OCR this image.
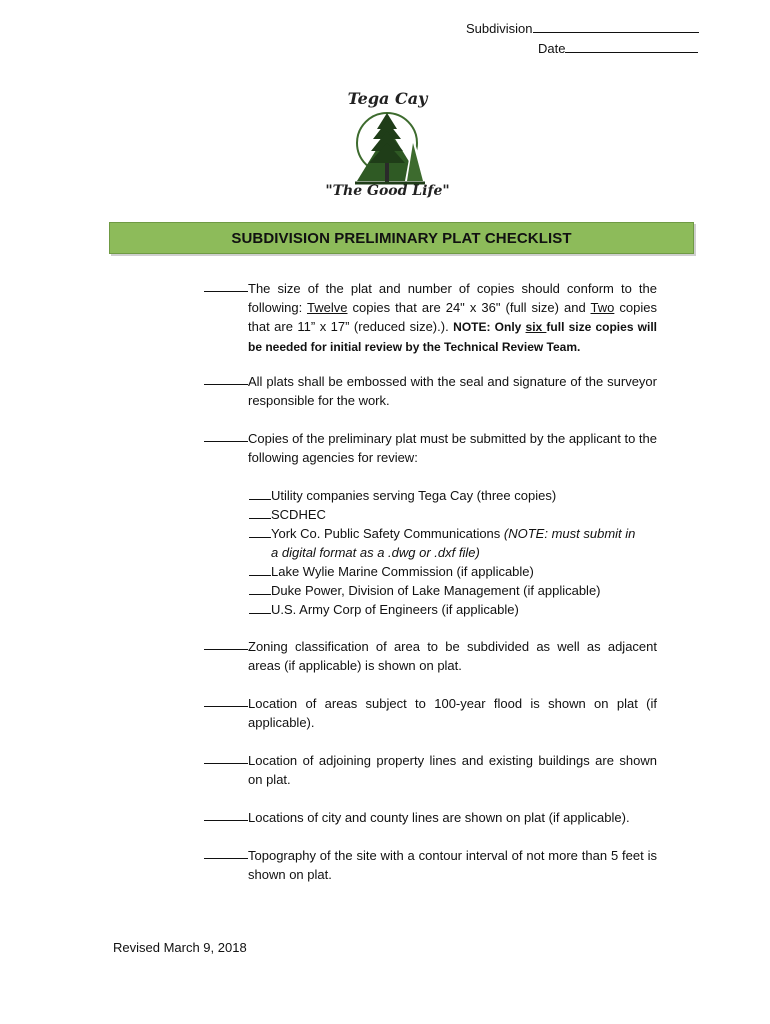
Subdivision
Date
Tega Cay
"The Good Life"
SUBDIVISION PRELIMINARY PLAT CHECKLIST
The size of the plat and number of copies should conform to the following: Twelve copies that are 24" x 36" (full size) and Two copies that are 11” x 17” (reduced size).). NOTE: Only six full size copies will be needed for initial review by the Technical Review Team.
All plats shall be embossed with the seal and signature of the surveyor responsible for the work.
Copies of the preliminary plat must be submitted by the applicant to the following agencies for review:
Utility companies serving Tega Cay (three copies)
SCDHEC
York Co. Public Safety Communications (NOTE: must submit in
a digital format as a .dwg or .dxf file)
Lake Wylie Marine Commission (if applicable)
Duke Power, Division of Lake Management (if applicable)
U.S. Army Corp of Engineers (if applicable)
Zoning classification of area to be subdivided as well as adjacent areas (if applicable) is shown on plat.
Location of areas subject to 100-year flood is shown on plat (if applicable).
Location of adjoining property lines and existing buildings are shown on plat.
Locations of city and county lines are shown on plat (if applicable).
Topography of the site with a contour interval of not more than 5 feet is shown on plat.
Revised March 9, 2018
